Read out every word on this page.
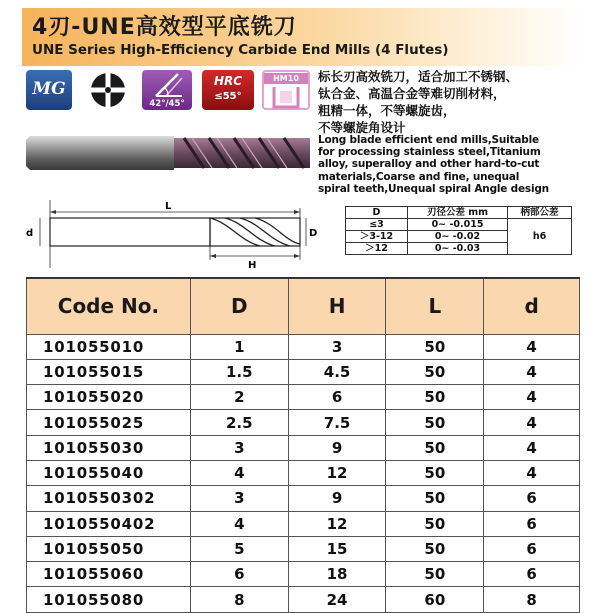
4刃-UNE高效型平底铣刀
UNE Series High-Efficiency Carbide End Mills (4 Flutes)
MG
42°/45°
HRC
≤55°
HM10	标长刃高效铣刀，适合加工不锈钢、
钛合金、高温合金等难切削材料，
粗精一体，不等螺旋齿，
不等螺旋角设计
Long blade efficient end mills,Suitable
for processing stainless steel,Titanium
alloy, superalloy and other hard-to-cut
materials,Coarse and fine, unequal
spiral teeth,Unequal spiral Angle design
L
H
D
d
D	刃径公差 mm	柄部公差
≤3	0~ -0.015	h6
＞3-12	0~ -0.02	
＞12	0~ -0.03	
Code No.	D	H	L	d
101055010	1	3	50	4
101055015	1.5	4.5	50	4
101055020	2	6	50	4
101055025	2.5	7.5	50	4
101055030	3	9	50	4
101055040	4	12	50	4
1010550302	3	9	50	6
1010550402	4	12	50	6
101055050	5	15	50	6
101055060	6	18	50	6
101055080	8	24	60	8
